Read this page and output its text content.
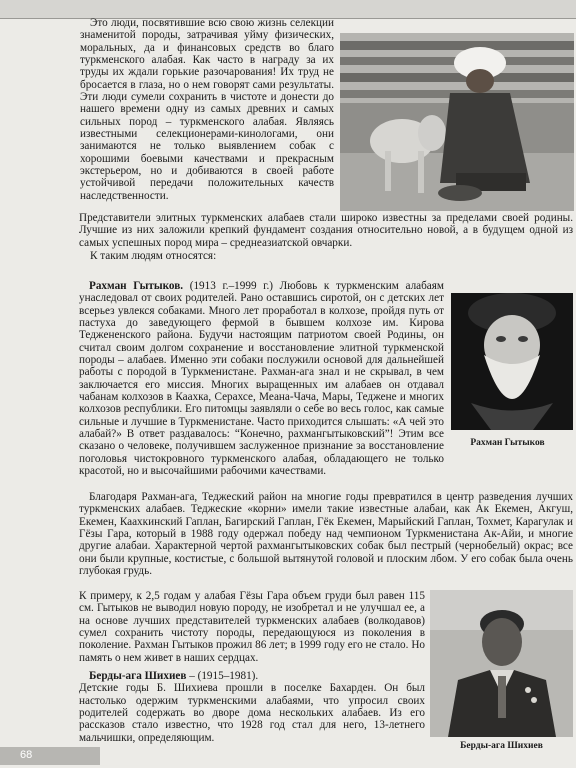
Это люди, посвятившие всю свою жизнь селекции знаменитой породы, затрачивая уйму физических, моральных, да и финансовых средств во благо туркменского алабая. Как часто в награду за их труды их ждали горькие разочарования! Их труд не бросается в глаза, но о нем говорят сами результаты. Эти люди сумели сохранить в чистоте и донести до нашего времени одну из самых древних и самых сильных пород – туркменского алабая. Являясь известными селекционерами-кинологами, они занимаются не только выявлением собак с хорошими боевыми качествами и прекрасным экстерьером, но и добиваются в своей работе устойчивой передачи положительных качеств наследственности.

Представители элитных туркменских алабаев стали широко известны за пределами своей родины. Лучшие из них заложили крепкий фундамент создания относительно новой, а в будущем одной из самых успешных пород мира – среднеазиатской овчарки.

К таким людям относятся:

Рахман Гытыков

Рахман Гытыков. (1913 г.–1999 г.) Любовь к туркменским алабаям унаследовал от своих родителей. Рано оставшись сиротой, он с детских лет всерьез увлекся собаками. Много лет проработал в колхозе, пройдя путь от пастуха до заведующего фермой в бывшем колхозе им. Кирова Теджененского района. Будучи настоящим патриотом своей Родины, он считал своим долгом сохранение и восстановление элитной туркменской породы – алабаев. Именно эти собаки послужили основой для дальнейшей работы с породой в Туркменистане. Рахман-ага знал и не скрывал, в чем заключается его миссия. Многих выращенных им алабаев он отдавал чабанам колхозов в Каахка, Серахсе, Меана-Чача, Мары, Теджене и многих колхозов республики. Его питомцы заявляли о себе во весь голос, как самые сильные и лучшие в Туркменистане. Часто приходится слышать: «А чей это алабай?» В ответ раздавалось: “Конечно, рахмангытыковский”! Этим все сказано о человеке, получившем заслуженное признание за восстановление поголовья чистокровного туркменского алабая, обладающего не только красотой, но и высочайшими рабочими качествами.

Благодаря Рахман-ага, Теджеский район на многие годы превратился в центр разведения лучших туркменских алабаев. Теджеские «корни» имели такие известные алабаи, как Ак Екемен, Акгуш, Екемен, Каахкинский Гаплан, Багирский Гаплан, Гёк Екемен, Марыйский Гаплан, Тохмет, Карагулак и Гёзы Гара, который в 1988 году одержал победу над чемпионом Туркменистана Ак-Айи, и многие другие алабаи. Характерной чертой рахмангытыковских собак был пестрый (чернобелый) окрас; все они были крупные, костистые, с большой вытянутой головой и плоским лбом. У его собак была очень глубокая грудь.

Берды-ага Шихиев

К примеру, к 2,5 годам у алабая Гёзы Гара объем груди был равен 115 см. Гытыков не выводил новую породу, не изобретал и не улучшал ее, а на основе лучших представителей туркменских алабаев (волкодавов) сумел сохранить чистоту породы, передающуюся из поколения в поколение. Рахман Гытыков прожил 86 лет; в 1999 году его не стало. Но память о нем живет в наших сердцах.

Берды-ага Шихиев – (1915–1981).
Детские годы Б. Шихиева прошли в поселке Бахарден. Он был настолько одержим туркменскими алабаями, что упросил своих родителей содержать во дворе дома нескольких алабаев. Из его рассказов стало известно, что 1928 год стал для него, 13-летнего мальчишки, определяющим.

68
